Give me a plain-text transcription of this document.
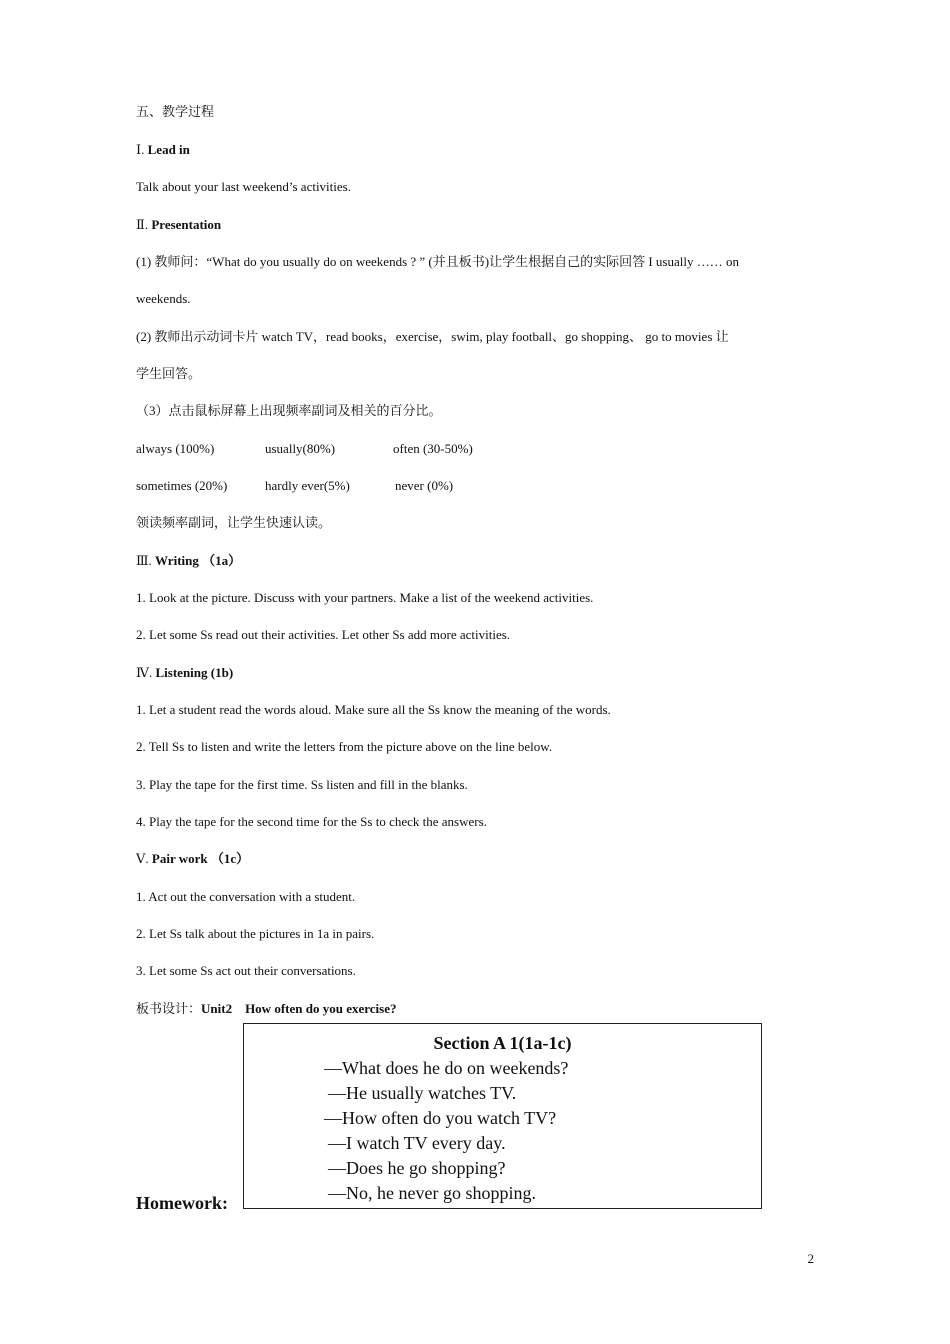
五、教学过程
Ⅰ. Lead in
Talk about your last weekend’s activities.
Ⅱ. Presentation
(1) 教师问：“What do you usually do on weekends ? ” (并且板书)让学生根据自己的实际回答 I usually …… on
weekends.
(2) 教师出示动词卡片 watch TV，read books，exercise，swim, play football、go shopping、 go to movies 让
学生回答。
（3）点击鼠标屏幕上出现频率副词及相关的百分比。
always (100%)	usually(80%)	often (30-50%)
sometimes (20%)	hardly ever(5%)	never (0%)
领读频率副词，让学生快速认读。
Ⅲ. Writing （1a）
1. Look at the picture. Discuss with your partners. Make a list of the weekend activities.
2. Let some Ss read out their activities. Let other Ss add more activities.
Ⅳ. Listening (1b)
1. Let a student read the words aloud. Make sure all the Ss know the meaning of the words.
2. Tell Ss to listen and write the letters from the picture above on the line below.
3. Play the tape for the first time. Ss listen and fill in the blanks.
4. Play the tape for the second time for the Ss to check the answers.
Ⅴ. Pair work （1c）
1. Act out the conversation with a student.
2. Let Ss talk about the pictures in 1a in pairs.
3. Let some Ss act out their conversations.
板书设计：Unit2    How often do you exercise?
Section A 1(1a-1c)
—What does he do on weekends?
—He usually watches TV.
—How often do you watch TV?
—I watch TV every day.
—Does he go shopping?
—No, he never go shopping.
Homework:
2
